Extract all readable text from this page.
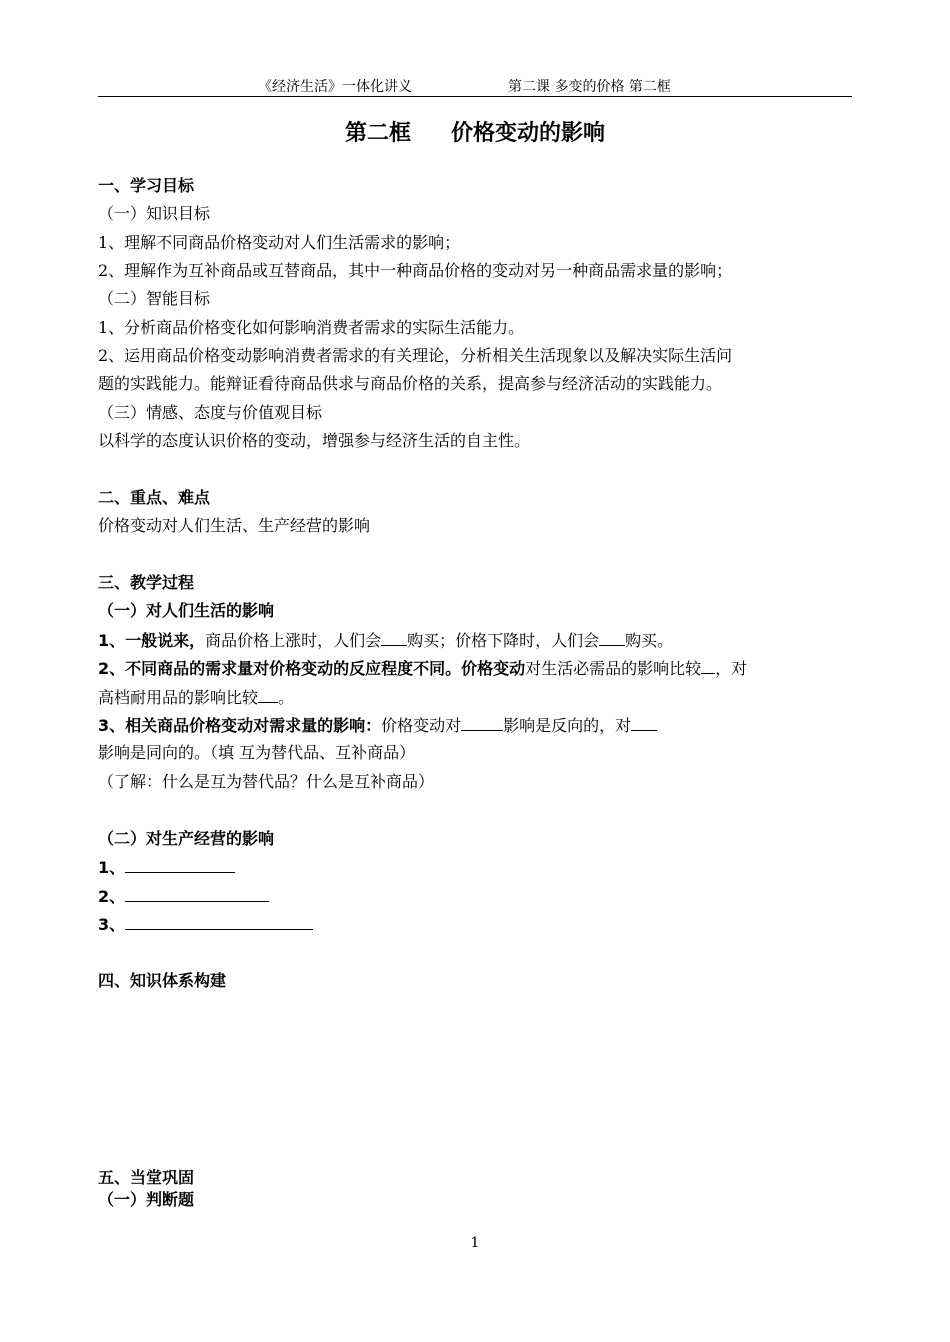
《经济生活》一体化讲义	第二课 多变的价格 第二框
第二框 价格变动的影响
一、学习目标
（一）知识目标
1、理解不同商品价格变动对人们生活需求的影响；
2、理解作为互补商品或互替商品，其中一种商品价格的变动对另一种商品需求量的影响；
（二）智能目标
1、分析商品价格变化如何影响消费者需求的实际生活能力。
2、运用商品价格变动影响消费者需求的有关理论，分析相关生活现象以及解决实际生活问
题的实践能力。能辩证看待商品供求与商品价格的关系，提高参与经济活动的实践能力。
（三）情感、态度与价值观目标
以科学的态度认识价格的变动，增强参与经济生活的自主性。
二、重点、难点
价格变动对人们生活、生产经营的影响
三、教学过程
（一）对人们生活的影响
1、一般说来，商品价格上涨时，人们会 购买；价格下降时，人们会 购买。
2、不同商品的需求量对价格变动的反应程度不同。价格变动对生活必需品的影响比较 ，对
高档耐用品的影响比较 。
3、相关商品价格变动对需求量的影响：价格变动对	影响是反向的，对
影响是同向的。（填 互为替代品、互补商品）
（了解：什么是互为替代品？什么是互补商品）
（二）对生产经营的影响
1、
2、
3、
四、知识体系构建
五、当堂巩固
（一）判断题
1
